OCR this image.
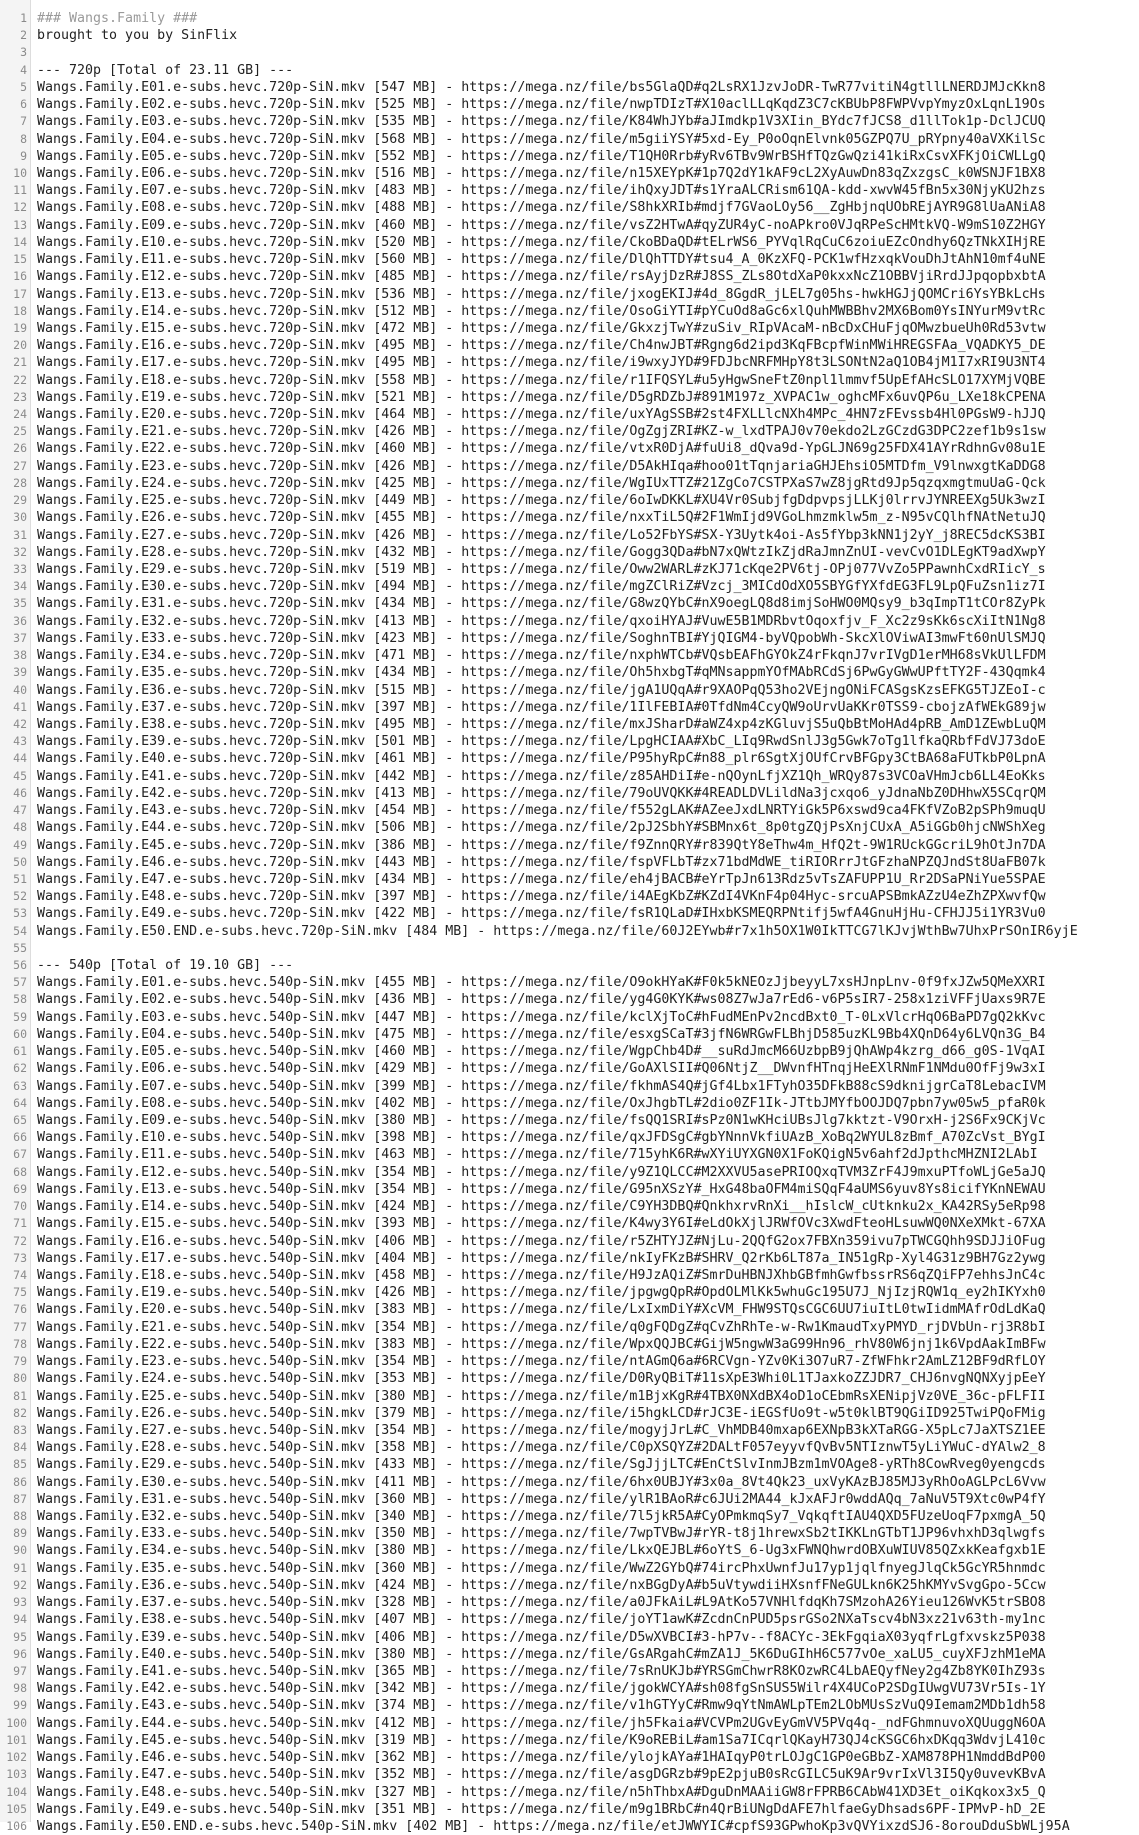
1 ### Wangs.Family ###
2 brought to you by SinFlix
3
4 --- 720p [Total of 23.11 GB] ---
5 Wangs.Family.E01.e-subs.hevc.720p-SiN.mkv [547 MB] - https://mega.nz/file/bs5GlaQD#q2LsRX1JzvJoDR-TwR77vitiN4gtllLNERDJMJcKkn8
6 Wangs.Family.E02.e-subs.hevc.720p-SiN.mkv [525 MB] - https://mega.nz/file/nwpTDIzT#X10aclLLqKqdZ3C7cKBUbP8FWPVvpYmyzOxLqnL19Os
7 Wangs.Family.E03.e-subs.hevc.720p-SiN.mkv [535 MB] - https://mega.nz/file/K84WhJYb#aJImdkp1V3XIin_BYdc7fJCS8_d1llTok1p-DclJCUQ
8 Wangs.Family.E04.e-subs.hevc.720p-SiN.mkv [568 MB] - https://mega.nz/file/m5giiYSY#5xd-Ey_P0oOqnElvnk05GZPQ7U_pRYpny40aVXKilSc
9 Wangs.Family.E05.e-subs.hevc.720p-SiN.mkv [552 MB] - https://mega.nz/file/T1QH0Rrb#yRv6TBv9WrBSHfTQzGwQzi41kiRxCsvXFKjOiCWLLgQ
10 Wangs.Family.E06.e-subs.hevc.720p-SiN.mkv [516 MB] - https://mega.nz/file/n15XEYpK#1p7Q2dY1kAF9cL2XyAuwDn83qZxzgsC_k0WSNJF1BX8
11 Wangs.Family.E07.e-subs.hevc.720p-SiN.mkv [483 MB] - https://mega.nz/file/ihQxyJDT#s1YraALCRism61QA-kdd-xwvW45fBn5x30NjyKU2hzs
12 Wangs.Family.E08.e-subs.hevc.720p-SiN.mkv [488 MB] - https://mega.nz/file/S8hkXRIb#mdjf7GVaoLOy56__ZgHbjnqUObREjAYR9G8lUaANiA8
13 Wangs.Family.E09.e-subs.hevc.720p-SiN.mkv [460 MB] - https://mega.nz/file/vsZ2HTwA#qyZUR4yC-noAPkro0VJqRPeScHMtkVQ-W9mS10Z2HGY
14 Wangs.Family.E10.e-subs.hevc.720p-SiN.mkv [520 MB] - https://mega.nz/file/CkoBDaQD#tELrWS6_PYVqlRqCuC6zoiuEZcOndhy6QzTNkXIHjRE
15 Wangs.Family.E11.e-subs.hevc.720p-SiN.mkv [560 MB] - https://mega.nz/file/DlQhTTDY#tsu4_A_0KzXFQ-PCK1wfHzxqkVouDhJtAhN10mf4uNE
16 Wangs.Family.E12.e-subs.hevc.720p-SiN.mkv [485 MB] - https://mega.nz/file/rsAyjDzR#J8SS_ZLs8OtdXaP0kxxNcZ1OBBVjiRrdJJpqopbxbtA
17 Wangs.Family.E13.e-subs.hevc.720p-SiN.mkv [536 MB] - https://mega.nz/file/jxogEKIJ#4d_8GgdR_jLEL7g05hs-hwkHGJjQOMCri6YsYBkLcHs
18 Wangs.Family.E14.e-subs.hevc.720p-SiN.mkv [512 MB] - https://mega.nz/file/OsoGiYTI#pYCuOd8aGc6xlQuhMWBBhv2MX6Bom0YsINYurM9vtRc
19 Wangs.Family.E15.e-subs.hevc.720p-SiN.mkv [472 MB] - https://mega.nz/file/GkxzjTwY#zuSiv_RIpVAcaM-nBcDxCHuFjqOMwzbueUh0Rd53vtw
20 Wangs.Family.E16.e-subs.hevc.720p-SiN.mkv [495 MB] - https://mega.nz/file/Ch4nwJBT#Rgng6d2ipd3KqFBcpfWinMWiHREGSFAa_VQADKY5_DE
21 Wangs.Family.E17.e-subs.hevc.720p-SiN.mkv [495 MB] - https://mega.nz/file/i9wxyJYD#9FDJbcNRFMHpY8t3LSONtN2aQ1OB4jM1I7xRI9U3NT4
22 Wangs.Family.E18.e-subs.hevc.720p-SiN.mkv [558 MB] - https://mega.nz/file/r1IFQSYL#u5yHgwSneFtZ0npl1lmmvf5UpEfAHcSLO17XYMjVQBE
23 Wangs.Family.E19.e-subs.hevc.720p-SiN.mkv [521 MB] - https://mega.nz/file/D5gRDZbJ#891M197z_XVPAC1w_oghcMFx6uvQP6u_LXe18kCPENA
24 Wangs.Family.E20.e-subs.hevc.720p-SiN.mkv [464 MB] - https://mega.nz/file/uxYAgSSB#2st4FXLLlcNXh4MPc_4HN7zFEvssb4Hl0PGsW9-hJJQ
25 Wangs.Family.E21.e-subs.hevc.720p-SiN.mkv [426 MB] - https://mega.nz/file/OgZgjZRI#KZ-w_lxdTPAJ0v70ekdo2LzGCzdG3DPC2zef1b9s1sw
26 Wangs.Family.E22.e-subs.hevc.720p-SiN.mkv [460 MB] - https://mega.nz/file/vtxR0DjA#fuUi8_dQva9d-YpGLJN69g25FDX41AYrRdhnGv08u1E
27 Wangs.Family.E23.e-subs.hevc.720p-SiN.mkv [426 MB] - https://mega.nz/file/D5AkHIqa#hoo01tTqnjariaGHJEhsiO5MTDfm_V9lnwxgtKaDDG8
28 Wangs.Family.E24.e-subs.hevc.720p-SiN.mkv [425 MB] - https://mega.nz/file/WgIUxTTZ#21ZgCo7CSTPXaS7wZ8jgRtd9Jp5qzqxmgtmuUaG-Qck
29 Wangs.Family.E25.e-subs.hevc.720p-SiN.mkv [449 MB] - https://mega.nz/file/6oIwDKKL#XU4Vr0SubjfgDdpvpsjLLKj0lrrvJYNREEXg5Uk3wzI
30 Wangs.Family.E26.e-subs.hevc.720p-SiN.mkv [455 MB] - https://mega.nz/file/nxxTiL5Q#2F1WmIjd9VGoLhmzmklw5m_z-N95vCQlhfNAtNetuJQ
31 Wangs.Family.E27.e-subs.hevc.720p-SiN.mkv [426 MB] - https://mega.nz/file/Lo52FbYS#SX-Y3Uytk4oi-As5fYbp3kNN1j2yY_j8REC5dcKS3BI
32 Wangs.Family.E28.e-subs.hevc.720p-SiN.mkv [432 MB] - https://mega.nz/file/Gogg3QDa#bN7xQWtzIkZjdRaJmnZnUI-vevCvO1DLEgKT9adXwpY
33 Wangs.Family.E29.e-subs.hevc.720p-SiN.mkv [519 MB] - https://mega.nz/file/Oww2WARL#zKJ71cKqe2PV6tj-OPj077VvZo5PPawnhCxdRIicY_s
34 Wangs.Family.E30.e-subs.hevc.720p-SiN.mkv [494 MB] - https://mega.nz/file/mgZClRiZ#Vzcj_3MICdOdXO5SBYGfYXfdEG3FL9LpQFuZsn1iz7I
35 Wangs.Family.E31.e-subs.hevc.720p-SiN.mkv [434 MB] - https://mega.nz/file/G8wzQYbC#nX9oegLQ8d8imjSoHWO0MQsy9_b3qImpT1tCOr8ZyPk
36 Wangs.Family.E32.e-subs.hevc.720p-SiN.mkv [413 MB] - https://mega.nz/file/qxoiHYAJ#VuwE5B1MDRbvtOqoxfjv_F_Xc2z9sKk6scXiItN1Ng8
37 Wangs.Family.E33.e-subs.hevc.720p-SiN.mkv [423 MB] - https://mega.nz/file/SoghnTBI#YjQIGM4-byVQpobWh-SkcXlOViwAI3mwFt60nUlSMJQ
38 Wangs.Family.E34.e-subs.hevc.720p-SiN.mkv [471 MB] - https://mega.nz/file/nxphWTCb#VQsbEAFhGYOkZ4rFkqnJ7vrIVgD1erMH68sVkUlLFDM
39 Wangs.Family.E35.e-subs.hevc.720p-SiN.mkv [434 MB] - https://mega.nz/file/Oh5hxbgT#qMNsappmYOfMAbRCdSj6PwGyGWwUPftTY2F-43Qqmk4
40 Wangs.Family.E36.e-subs.hevc.720p-SiN.mkv [515 MB] - https://mega.nz/file/jgA1UQqA#r9XAOPqQ53ho2VEjngONiFCASgsKzsEFKG5TJZEoI-c
41 Wangs.Family.E37.e-subs.hevc.720p-SiN.mkv [397 MB] - https://mega.nz/file/1IlFEBIA#0TfdNm4CcyQW9oUrvUaKKr0TSS9-cbojzAfWEkG89jw
42 Wangs.Family.E38.e-subs.hevc.720p-SiN.mkv [495 MB] - https://mega.nz/file/mxJSharD#aWZ4xp4zKGluvjS5uQbBtMoHAd4pRB_AmD1ZEwbLuQM
43 Wangs.Family.E39.e-subs.hevc.720p-SiN.mkv [501 MB] - https://mega.nz/file/LpgHCIAA#XbC_LIq9RwdSnlJ3g5Gwk7oTg1lfkaQRbfFdVJ73doE
44 Wangs.Family.E40.e-subs.hevc.720p-SiN.mkv [461 MB] - https://mega.nz/file/P95hyRpC#n88_plr6SgtXjOUfCrvBFGpy3CtBA68aFUTkbP0LpnA
45 Wangs.Family.E41.e-subs.hevc.720p-SiN.mkv [442 MB] - https://mega.nz/file/z85AHDiI#e-nQOynLfjXZ1Qh_WRQy87s3VCOaVHmJcb6LL4EoKks
46 Wangs.Family.E42.e-subs.hevc.720p-SiN.mkv [413 MB] - https://mega.nz/file/79oUVQKK#4READLDVLildNa3jcxqo6_yJdnaNbZ0DHhwX5SCqrQM
47 Wangs.Family.E43.e-subs.hevc.720p-SiN.mkv [454 MB] - https://mega.nz/file/f552gLAK#AZeeJxdLNRTYiGk5P6xswd9ca4FKfVZoB2pSPh9muqU
48 Wangs.Family.E44.e-subs.hevc.720p-SiN.mkv [506 MB] - https://mega.nz/file/2pJ2SbhY#SBMnx6t_8p0tgZQjPsXnjCUxA_A5iGGb0hjcNWShXeg
49 Wangs.Family.E45.e-subs.hevc.720p-SiN.mkv [386 MB] - https://mega.nz/file/f9ZnnQRY#r839QtY8eThw4m_HfQ2t-9W1RUckGGcriL9hOtJn7DA
50 Wangs.Family.E46.e-subs.hevc.720p-SiN.mkv [443 MB] - https://mega.nz/file/fspVFLbT#zx71bdMdWE_tiRIORrrJtGFzhaNPZQJndSt8UaFB07k
51 Wangs.Family.E47.e-subs.hevc.720p-SiN.mkv [434 MB] - https://mega.nz/file/eh4jBACB#eYrTpJn613Rdz5vTsZAFUPP1U_Rr2DSaPNiYue5SPAE
52 Wangs.Family.E48.e-subs.hevc.720p-SiN.mkv [397 MB] - https://mega.nz/file/i4AEgKbZ#KZdI4VKnF4p04Hyc-srcuAPSBmkAZzU4eZhZPXwvfQw
53 Wangs.Family.E49.e-subs.hevc.720p-SiN.mkv [422 MB] - https://mega.nz/file/fsR1QLaD#IHxbKSMEQRPNtifj5wfA4GnuHjHu-CFHJJ5i1YR3Vu0
54 Wangs.Family.E50.END.e-subs.hevc.720p-SiN.mkv [484 MB] - https://mega.nz/file/60J2EYwb#r7x1h5OX1W0IkTTCG7lKJvjWthBw7UhxPrSOnIR6yjE
55
56 --- 540p [Total of 19.10 GB] ---
57 Wangs.Family.E01.e-subs.hevc.540p-SiN.mkv [455 MB] - https://mega.nz/file/O9okHYaK#F0k5kNEOzJjbeyyL7xsHJnpLnv-0f9fxJZw5QMeXXRI
58 Wangs.Family.E02.e-subs.hevc.540p-SiN.mkv [436 MB] - https://mega.nz/file/yg4G0KYK#ws08Z7wJa7rEd6-v6P5sIR7-258x1ziVFFjUaxs9R7E
59 Wangs.Family.E03.e-subs.hevc.540p-SiN.mkv [447 MB] - https://mega.nz/file/kclXjToC#hFudMEnPv2ncdBxt0_T-0LxVlcrHqO6BaPD7gQ2kKvc
60 Wangs.Family.E04.e-subs.hevc.540p-SiN.mkv [475 MB] - https://mega.nz/file/esxgSCaT#3jfN6WRGwFLBhjD585uzKL9Bb4XQnD64y6LVQn3G_B4
61 Wangs.Family.E05.e-subs.hevc.540p-SiN.mkv [460 MB] - https://mega.nz/file/WgpChb4D#__suRdJmcM66UzbpB9jQhAWp4kzrg_d66_g0S-1VqAI
62 Wangs.Family.E06.e-subs.hevc.540p-SiN.mkv [429 MB] - https://mega.nz/file/GoAXlSII#Q06NtjZ__DWvnfHTnqjHeEXlRNmF1NMdu0OfFj9w3xI
63 Wangs.Family.E07.e-subs.hevc.540p-SiN.mkv [399 MB] - https://mega.nz/file/fkhmAS4Q#jGf4Lbx1FTyhO35DFkB88cS9dknijgrCaT8LebacIVM
64 Wangs.Family.E08.e-subs.hevc.540p-SiN.mkv [402 MB] - https://mega.nz/file/OxJhgbTL#2dio0ZF1Ik-JTtbJMYfbOOJDQ7pbn7yw05w5_pfaR0k
65 Wangs.Family.E09.e-subs.hevc.540p-SiN.mkv [380 MB] - https://mega.nz/file/fsQQ1SRI#sPz0N1wKHciUBsJlg7kktzt-V9OrxH-j2S6Fx9CKjVc
66 Wangs.Family.E10.e-subs.hevc.540p-SiN.mkv [398 MB] - https://mega.nz/file/qxJFDSgC#gbYNnnVkfiUAzB_XoBq2WYUL8zBmf_A70ZcVst_BYgI
67 Wangs.Family.E11.e-subs.hevc.540p-SiN.mkv [463 MB] - https://mega.nz/file/715yhK6R#wXYiUYXGN0X1FoKQigN5v6ahf2dJpthcMHZNI2LAbI
68 Wangs.Family.E12.e-subs.hevc.540p-SiN.mkv [354 MB] - https://mega.nz/file/y9Z1QLCC#M2XXVU5asePRIOQxqTVM3ZrF4J9mxuPTfoWLjGe5aJQ
69 Wangs.Family.E13.e-subs.hevc.540p-SiN.mkv [354 MB] - https://mega.nz/file/G95nXSzY#_HxG48baOFM4miSQqF4aUMS6yuv8Ys8icifYKnNEWAU
70 Wangs.Family.E14.e-subs.hevc.540p-SiN.mkv [424 MB] - https://mega.nz/file/C9YH3DBQ#QnkhxrvRnXi__hIslcW_cUtknku2x_KA42RSy5eRp98
71 Wangs.Family.E15.e-subs.hevc.540p-SiN.mkv [393 MB] - https://mega.nz/file/K4wy3Y6I#eLdOkXjlJRWfOVc3XwdFteoHLsuwWQ0NXeXMkt-67XA
72 Wangs.Family.E16.e-subs.hevc.540p-SiN.mkv [406 MB] - https://mega.nz/file/r5ZHTYJZ#NjLu-2QQfG2ox7FBXn359ivu7pTWCGQhh9SDJJiOFug
73 Wangs.Family.E17.e-subs.hevc.540p-SiN.mkv [404 MB] - https://mega.nz/file/nkIyFKzB#SHRV_Q2rKb6LT87a_IN51gRp-Xyl4G31z9BH7Gz2ywg
74 Wangs.Family.E18.e-subs.hevc.540p-SiN.mkv [458 MB] - https://mega.nz/file/H9JzAQiZ#SmrDuHBNJXhbGBfmhGwfbssrRS6qZQiFP7ehhsJnC4c
75 Wangs.Family.E19.e-subs.hevc.540p-SiN.mkv [426 MB] - https://mega.nz/file/jpgwgQpR#OpdOLMlKk5whuGc195U7J_NjIzjRQW1q_ey2hIKYxh0
76 Wangs.Family.E20.e-subs.hevc.540p-SiN.mkv [383 MB] - https://mega.nz/file/LxIxmDiY#XcVM_FHW9STQsCGC6UU7iuItL0twIidmMAfrOdLdKaQ
77 Wangs.Family.E21.e-subs.hevc.540p-SiN.mkv [354 MB] - https://mega.nz/file/q0gFQDgZ#qCvZhRhTe-w-Rw1KmaudTxyPMYD_rjDVbUn-rj3R8bI
78 Wangs.Family.E22.e-subs.hevc.540p-SiN.mkv [383 MB] - https://mega.nz/file/WpxQQJBC#GijW5ngwW3aG99Hn96_rhV80W6jnj1k6VpdAakImBFw
79 Wangs.Family.E23.e-subs.hevc.540p-SiN.mkv [354 MB] - https://mega.nz/file/ntAGmQ6a#6RCVgn-YZv0Ki3O7uR7-ZfWFhkr2AmLZ12BF9dRfLOY
80 Wangs.Family.E24.e-subs.hevc.540p-SiN.mkv [353 MB] - https://mega.nz/file/D0RyQBiT#11sXpE3Whi0L1TJaxkoZZJDR7_CHJ6nvgNQNXyjpEeY
81 Wangs.Family.E25.e-subs.hevc.540p-SiN.mkv [380 MB] - https://mega.nz/file/m1BjxKgR#4TBX0NXdBX4oD1oCEbmRsXENipjVz0VE_36c-pFLFII
82 Wangs.Family.E26.e-subs.hevc.540p-SiN.mkv [379 MB] - https://mega.nz/file/i5hgkLCD#rJC3E-iEGSfUo9t-w5t0klBT9QGiID925TwiPQoFMig
83 Wangs.Family.E27.e-subs.hevc.540p-SiN.mkv [354 MB] - https://mega.nz/file/mogyjJrL#C_VhMDB40mxap6EXNpB3kXTaRGG-X5pLc7JaXTSZ1EE
84 Wangs.Family.E28.e-subs.hevc.540p-SiN.mkv [358 MB] - https://mega.nz/file/C0pXSQYZ#2DALtF057eyyvfQvBv5NTIznwT5yLiYWuC-dYAlw2_8
85 Wangs.Family.E29.e-subs.hevc.540p-SiN.mkv [433 MB] - https://mega.nz/file/SgJjjLTC#EnCtSlvInmJBzm1mVOAge8-yRTh8CowRveg0yengcds
86 Wangs.Family.E30.e-subs.hevc.540p-SiN.mkv [411 MB] - https://mega.nz/file/6hx0UBJY#3x0a_8Vt4Qk23_uxVyKAzBJ85MJ3yRhOoAGLPcL6Vvw
87 Wangs.Family.E31.e-subs.hevc.540p-SiN.mkv [360 MB] - https://mega.nz/file/ylR1BAoR#c6JUi2MA44_kJxAFJr0wddAQq_7aNuV5T9Xtc0wP4fY
88 Wangs.Family.E32.e-subs.hevc.540p-SiN.mkv [340 MB] - https://mega.nz/file/7l5jkR5A#CyOPmkmqSy7_VqkqftIAU4QXD5FUzeUoqF7pxmgA_5Q
89 Wangs.Family.E33.e-subs.hevc.540p-SiN.mkv [350 MB] - https://mega.nz/file/7wpTVBwJ#rYR-t8j1hrewxSb2tIKKLnGTbT1JP96vhxhD3qlwgfs
90 Wangs.Family.E34.e-subs.hevc.540p-SiN.mkv [380 MB] - https://mega.nz/file/LkxQEJBL#6oYtS_6-Ug3xFWNQhwrdOBXuWIUV85QZxkKeafgxb1E
91 Wangs.Family.E35.e-subs.hevc.540p-SiN.mkv [360 MB] - https://mega.nz/file/WwZ2GYbQ#74ircPhxUwnfJu17yp1jqlfnyegJlqCk5GcYR5hnmdc
92 Wangs.Family.E36.e-subs.hevc.540p-SiN.mkv [424 MB] - https://mega.nz/file/nxBGgDyA#b5uVtywdiiHXsnfFNeGULkn6K25hKMYvSvgGpo-5Ccw
93 Wangs.Family.E37.e-subs.hevc.540p-SiN.mkv [328 MB] - https://mega.nz/file/a0JFkAiL#L9AtKo57VNHlfdqKh7SMzohA26Yieu126WvK5trSBO8
94 Wangs.Family.E38.e-subs.hevc.540p-SiN.mkv [407 MB] - https://mega.nz/file/joYT1awK#ZcdnCnPUD5psrGSo2NXaTscv4bN3xz21v63th-my1nc
95 Wangs.Family.E39.e-subs.hevc.540p-SiN.mkv [406 MB] - https://mega.nz/file/D5wXVBCI#3-hP7v--f8ACYc-3EkFgqiaX03yqfrLgfxvskz5P038
96 Wangs.Family.E40.e-subs.hevc.540p-SiN.mkv [380 MB] - https://mega.nz/file/GsARgahC#mZA1J_5K6DuGIhH6C577vOe_xaLU5_cuyXFJzhM1eMA
97 Wangs.Family.E41.e-subs.hevc.540p-SiN.mkv [365 MB] - https://mega.nz/file/7sRnUKJb#YRSGmChwrR8KOzwRC4LbAEQyfNey2g4Zb8YK0IhZ93s
98 Wangs.Family.E42.e-subs.hevc.540p-SiN.mkv [342 MB] - https://mega.nz/file/jgokWCYA#sh08fgSnSUS5Wilr4X4UCoP2SDgIUwgVU73Vr5Is-1Y
99 Wangs.Family.E43.e-subs.hevc.540p-SiN.mkv [374 MB] - https://mega.nz/file/v1hGTYyC#Rmw9qYtNmAWLpTEm2LObMUsSzVuQ9Iemam2MDb1dh58
100 Wangs.Family.E44.e-subs.hevc.540p-SiN.mkv [412 MB] - https://mega.nz/file/jh5Fkaia#VCVPm2UGvEyGmVV5PVq4q-_ndFGhmnuvoXQUuggN6OA
101 Wangs.Family.E45.e-subs.hevc.540p-SiN.mkv [319 MB] - https://mega.nz/file/K9oREBiL#am1Sa7ICqrlQKayH73QJ4cKSGC6hxDKqq3WdvjL410c
102 Wangs.Family.E46.e-subs.hevc.540p-SiN.mkv [362 MB] - https://mega.nz/file/ylojkAYa#1HAIqyP0trLOJgC1GP0eGBbZ-XAM878PH1NmddBdP00
103 Wangs.Family.E47.e-subs.hevc.540p-SiN.mkv [352 MB] - https://mega.nz/file/asgDGRzb#9pE2pjuB0sRcGILC5uK9Ar9vrIxVl3I5Qy0uvevKBvA
104 Wangs.Family.E48.e-subs.hevc.540p-SiN.mkv [327 MB] - https://mega.nz/file/n5hThbxA#DguDnMAAiiGW8rFPRB6CAbW41XD3Et_oiKqkox3x5_Q
105 Wangs.Family.E49.e-subs.hevc.540p-SiN.mkv [351 MB] - https://mega.nz/file/m9g1BRbC#n4QrBiUNgDdAFE7hlfaeGyDhsads6PF-IPMvP-hD_2E
106 Wangs.Family.E50.END.e-subs.hevc.540p-SiN.mkv [402 MB] - https://mega.nz/file/etJWWYIC#cpfS93GPwhoKp3vQVYixzdSJ6-8orouDduSbWLj95A
